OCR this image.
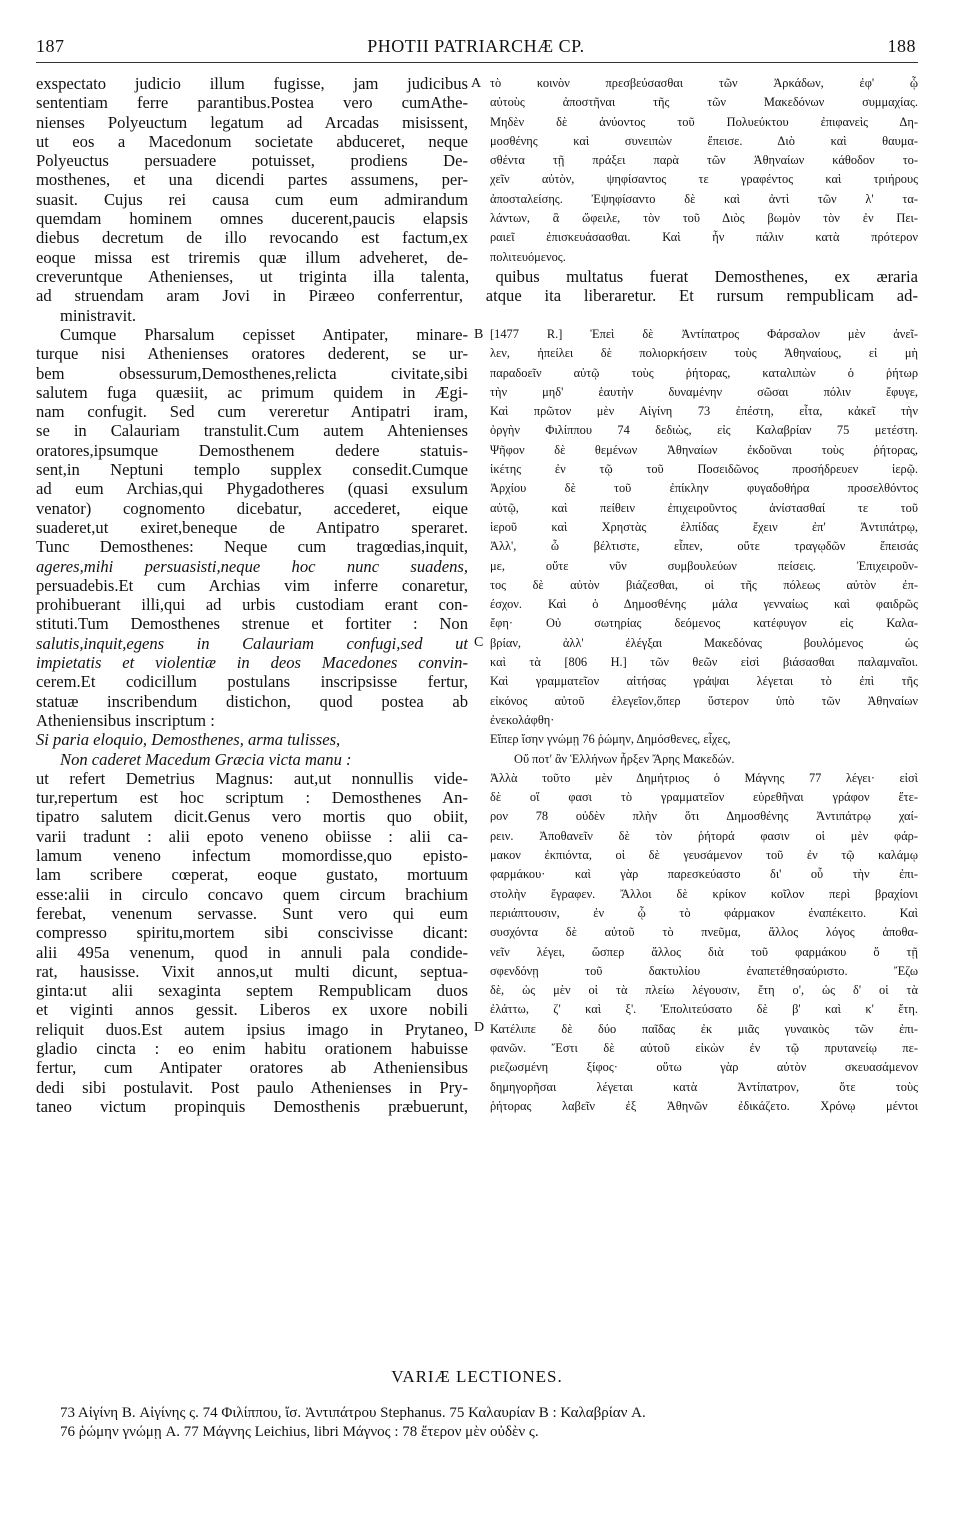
187	PHOTII PATRIARCHÆ CP.	188
exspectato judicio illum fugisse, jam judicibus
sententiam ferre parantibus.Postea vero cumAthe-
nienses Polyeuctum legatum ad Arcadas misissent,
ut eos a Macedonum societate abduceret, neque
Polyeuctus persuadere potuisset, prodiens De-
mosthenes, et una dicendi partes assumens, per-
suasit. Cujus rei causa cum eum admirandum
quemdam hominem omnes ducerent,paucis elapsis
diebus decretum de illo revocando est factum,ex
eoque missa est triremis quæ illum adveheret, de-
A τὸ κοινὸν πρεσβεύσασθαι τῶν Ἀρκάδων, ἐφ' ᾧ
αὐτοὺς ἀποστῆναι τῆς τῶν Μακεδόνων συμμαχίας.
Μηδὲν δὲ ἀνύοντος τοῦ Πολυεύκτου ἐπιφανεὶς Δη-
μοσθένης καὶ συνειπὼν ἔπεισε. Διὸ καὶ θαυμα-
σθέντα τῇ πράξει παρὰ τῶν Ἀθηναίων κάθοδον το-
χεῖν αὐτὸν, ψηφίσαντος τε γραφέντος καὶ τριήρους
ἀποσταλείσης. Ἐψηφίσαντο δὲ καὶ ἀντὶ τῶν λ' τα-
λάντων, ἃ ὤφειλε, τὸν τοῦ Διὸς βωμὸν τὸν ἐν Πει-
ραιεῖ ἐπισκευάσασθαι. Καὶ ἦν πάλιν κατὰ πρότερον
πολιτευόμενος.
creveruntque Athenienses, ut triginta illa talenta, quibus multatus fuerat Demosthenes, ex æraria
ad struendam aram Jovi in Piræeo conferrentur, atque ita liberaretur. Et rursum rempublicam ad-
ministravit.
Cumque Pharsalum cepisset Antipater, minare-
turque nisi Athenienses oratores dederent, se ur-
bem obsessurum,Demosthenes,relicta civitate,sibi
salutem fuga quæsiit, ac primum quidem in Ægi-
nam confugit. Sed cum vereretur Antipatri iram,
se in Calauriam transtulit.Cum autem Ahtenienses
oratores,ipsumque Demosthenem dedere statuis-
sent,in Neptuni templo supplex consedit.Cumque
ad eum Archias,qui Phygadotheres (quasi exsulum
venator) cognomento dicebatur, accederet, eique
suaderet,ut exiret,beneque de Antipatro speraret.
Tunc Demosthenes: Neque cum tragœdias,inquit,
ageres,mihi persuasisti,neque hoc nunc suadens,
persuadebis.Et cum Archias vim inferre conaretur,
prohibuerant illi,qui ad urbis custodiam erant con-
stituti.Tum Demosthenes strenue et fortiter : Non
salutis,inquit,egens in Calauriam confugi,sed ut
impietatis et violentiæ in deos Macedones convin-
cerem.Et codicillum postulans inscripsisse fertur,
statuæ inscribendum distichon, quod postea ab
Atheniensibus inscriptum :
Si paria eloquio, Demosthenes, arma tulisses,
Non caderet Macedum Græcia victa manu :
ut refert Demetrius Magnus: aut,ut nonnullis vide-
tur,repertum est hoc scriptum : Demosthenes An-
tipatro salutem dicit.Genus vero mortis quo obiit,
varii tradunt : alii epoto veneno obiisse : alii ca-
lamum veneno infectum momordisse,quo episto-
lam scribere cœperat, eoque gustato, mortuum
esse:alii in circulo concavo quem circum brachium
ferebat, venenum servasse. Sunt vero qui eum
compresso spiritu,mortem sibi conscivisse dicant:
alii 495a venenum, quod in annuli pala condide-
rat, hausisse. Vixit annos,ut multi dicunt, septua-
ginta:ut alii sexaginta septem Rempublicam duos
et viginti annos gessit. Liberos ex uxore nobili
reliquit duos.Est autem ipsius imago in Prytaneo,
gladio cincta : eo enim habitu orationem habuisse
fertur, cum Antipater oratores ab Atheniensibus
dedi sibi postulavit. Post paulo Athenienses in Pry-
taneo victum propinquis Demosthenis præbuerunt,
B
C
D
[1477 R.] Ἐπεὶ δὲ Ἀντίπατρος Φάρσαλον μὲν ἀνεῖ-
λεν, ἠπείλει δὲ πολιορκήσειν τοὺς Ἀθηναίους, εἰ μὴ
παραδοεῖν αὐτῷ τοὺς ῥήτορας, καταλιπὼν ὁ ῥήτωρ
τὴν μηδ' ἑαυτὴν δυναμένην σῶσαι πόλιν ἔφυγε,
Καὶ πρῶτον μὲν Αἰγίνη 73 ἐπέστη, εἶτα, κἀκεῖ τὴν
ὀργὴν Φιλίππου 74 δεδιὼς, εἰς Καλαβρίαν 75 μετέστη.
Ψῆφον δὲ θεμένων Ἀθηναίων ἐκδοῦναι τοὺς ῥήτορας,
ἱκέτης ἐν τῷ τοῦ Ποσειδῶνος προσήδρευεν ἱερῷ.
Ἀρχίου δὲ τοῦ ἐπίκλην φυγαδοθήρα προσελθόντος
αὐτῷ, καὶ πείθειν ἐπιχειροῦντος ἀνίστασθαί τε τοῦ
ἱεροῦ καὶ Χρηστὰς ἐλπίδας ἔχειν ἐπ' Ἀντιπάτρῳ,
Ἀλλ', ὦ βέλτιστε, εἶπεν, οὔτε τραγῳδῶν ἔπεισάς
με, οὔτε νῦν συμβουλεύων πείσεις. Ἐπιχειροῦν-
τος δὲ αὐτὸν βιάζεσθαι, οἱ τῆς πόλεως αὐτὸν ἐπ-
έσχον. Καὶ ὁ Δημοσθένης μάλα γενναίως καὶ φαιδρῶς
ἔφη· Οὐ σωτηρίας δεόμενος κατέφυγον εἰς Καλα-
βρίαν, ἀλλ' ἐλέγξαι Μακεδόνας βουλόμενος ὡς
καὶ τὰ [806 H.] τῶν θεῶν εἰσὶ βιάσασθαι παλαμναῖοι.
Καὶ γραμματεῖον αἰτήσας γράψαι λέγεται τὸ ἐπὶ τῆς
εἰκόνος αὐτοῦ ἐλεγεῖον,ὅπερ ὕστερον ὑπὸ τῶν Ἀθηναίων
ἐνεκολάφθη·
Εἴπερ ἴσην γνώμῃ 76 ῥώμην, Δημόσθενες, εἶχες,
Οὔ ποτ' ἂν Ἑλλήνων ἦρξεν Ἄρης Μακεδών.
Ἀλλὰ τοῦτο μὲν Δημήτριος ὁ Μάγνης 77 λέγει· εἰσὶ
δὲ οἵ φασι τὸ γραμματεῖον εὑρεθῆναι γράφον ἔτε-
ρον 78 οὐδὲν πλὴν ὅτι Δημοσθένης Ἀντιπάτρῳ χαί-
ρειν. Ἀποθανεῖν δὲ τὸν ῥήτορά φασιν οἱ μὲν φάρ-
μακον ἐκπιόντα, οἱ δὲ γευσάμενον τοῦ ἐν τῷ καλάμῳ
φαρμάκου· καὶ γὰρ παρεσκεύαστο δι' οὗ τὴν ἐπι-
στολὴν ἔγραφεν. Ἄλλοι δὲ κρίκον κοῖλον περὶ βραχίονι
περιάπτουσιν, ἐν ᾧ τὸ φάρμακον ἐναπέκειτο. Καὶ
συσχόντα δὲ αὐτοῦ τὸ πνεῦμα, ἄλλος λόγος ἀποθα-
νεῖν λέγει, ὥσπερ ἄλλος διὰ τοῦ φαρμάκου ὅ τῇ
σφενδόνῃ τοῦ δακτυλίου ἐναπετέθησαύριστο. Ἔζω
δὲ, ὡς μὲν οἱ τὰ πλείω λέγουσιν, ἔτη ο', ὡς δ' οἱ τὰ
ἐλάττω, ζ' καὶ ξ'. Ἐπολιτεύσατο δὲ β' καὶ κ' ἔτη.
Κατέλιπε δὲ δύο παῖδας ἐκ μιᾶς γυναικὸς τῶν ἐπι-
φανῶν. Ἔστι δὲ αὐτοῦ εἰκὼν ἐν τῷ πρυτανείῳ πε-
ριεζωσμένη ξίφος· οὕτω γὰρ αὐτὸν σκευασάμενον
δημηγορῆσαι λέγεται κατὰ Ἀντίπατρον, ὅτε τοὺς
ῥήτορας λαβεῖν ἐξ Ἀθηνῶν ἐδικάζετο. Χρόνῳ μέντοι
VARIÆ LECTIONES.
73 Αἰγίνη B. Αἰγίνης ς. 74 Φιλίππου, ἴσ. Ἀντιπάτρου Stephanus. 75 Καλαυρίαν B : Καλαβρίαν A.
76 ῥώμην γνώμῃ A. 77 Μάγνης Leichius, libri Μάγνος : 78 ἔτερον μὲν οὐδὲν ς.
